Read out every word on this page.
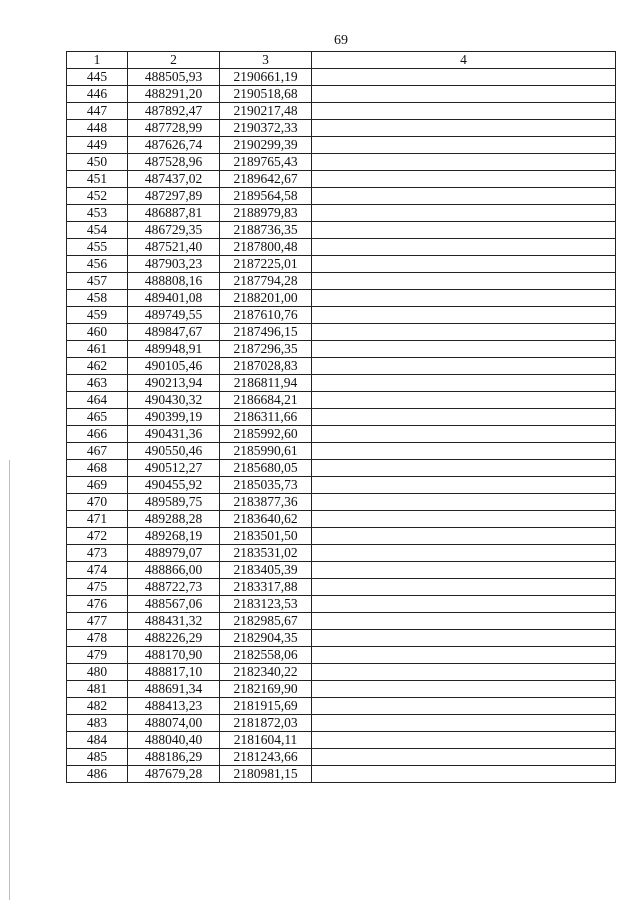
69
1	2	3	4
445	488505,93	2190661,19	
446	488291,20	2190518,68	
447	487892,47	2190217,48	
448	487728,99	2190372,33	
449	487626,74	2190299,39	
450	487528,96	2189765,43	
451	487437,02	2189642,67	
452	487297,89	2189564,58	
453	486887,81	2188979,83	
454	486729,35	2188736,35	
455	487521,40	2187800,48	
456	487903,23	2187225,01	
457	488808,16	2187794,28	
458	489401,08	2188201,00	
459	489749,55	2187610,76	
460	489847,67	2187496,15	
461	489948,91	2187296,35	
462	490105,46	2187028,83	
463	490213,94	2186811,94	
464	490430,32	2186684,21	
465	490399,19	2186311,66	
466	490431,36	2185992,60	
467	490550,46	2185990,61	
468	490512,27	2185680,05	
469	490455,92	2185035,73	
470	489589,75	2183877,36	
471	489288,28	2183640,62	
472	489268,19	2183501,50	
473	488979,07	2183531,02	
474	488866,00	2183405,39	
475	488722,73	2183317,88	
476	488567,06	2183123,53	
477	488431,32	2182985,67	
478	488226,29	2182904,35	
479	488170,90	2182558,06	
480	488817,10	2182340,22	
481	488691,34	2182169,90	
482	488413,23	2181915,69	
483	488074,00	2181872,03	
484	488040,40	2181604,11	
485	488186,29	2181243,66	
486	487679,28	2180981,15	
